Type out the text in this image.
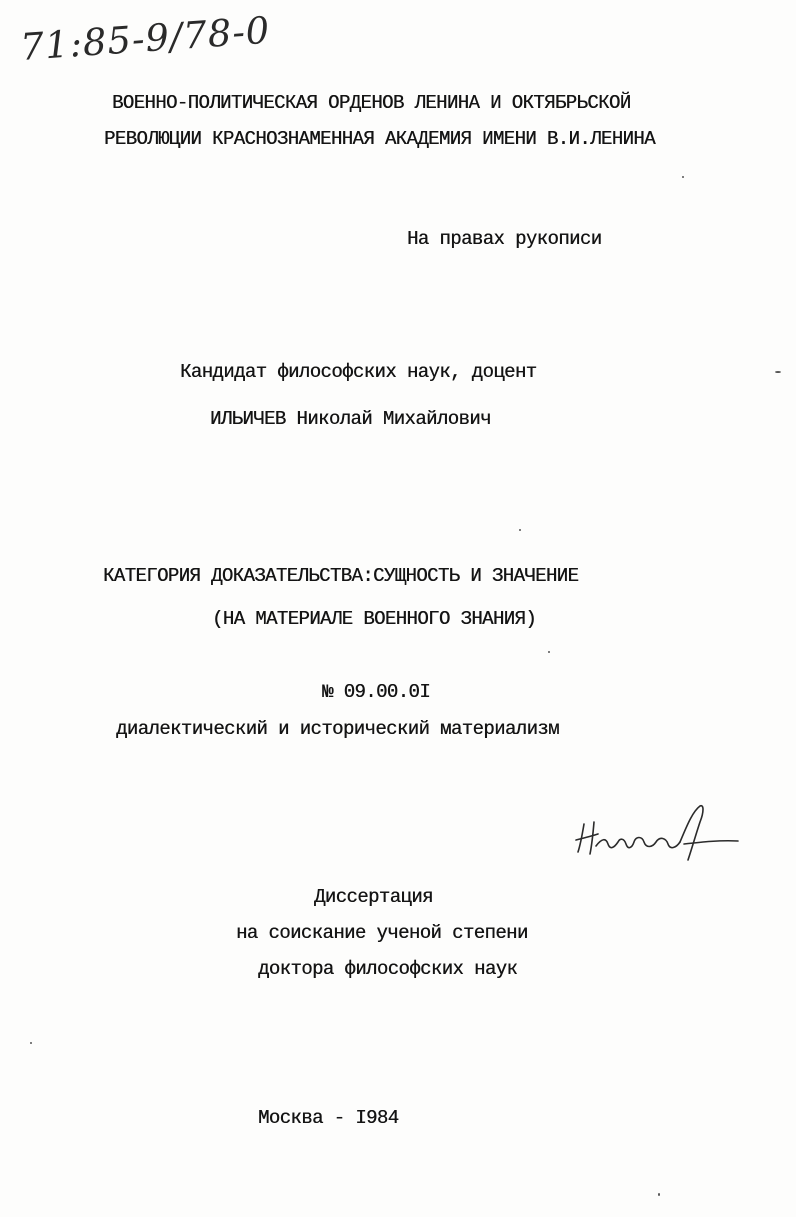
71:85-9/78-0
ВОЕННО-ПОЛИТИЧЕСКАЯ ОРДЕНОВ ЛЕНИНА И ОКТЯБРЬСКОЙ
РЕВОЛЮЦИИ КРАСНОЗНАМЕННАЯ АКАДЕМИЯ ИМЕНИ В.И.ЛЕНИНА
На правах рукописи
Кандидат философских наук, доцент
ИЛЬИЧЕВ Николай Михайлович
КАТЕГОРИЯ ДОКАЗАТЕЛЬСТВА:СУЩНОСТЬ И ЗНАЧЕНИЕ
(НА МАТЕРИАЛЕ ВОЕННОГО ЗНАНИЯ)
№ 09.00.0I
диалектический и исторический материализм
Диссертация
на соискание ученой степени
доктора философских наук
Москва - I984
